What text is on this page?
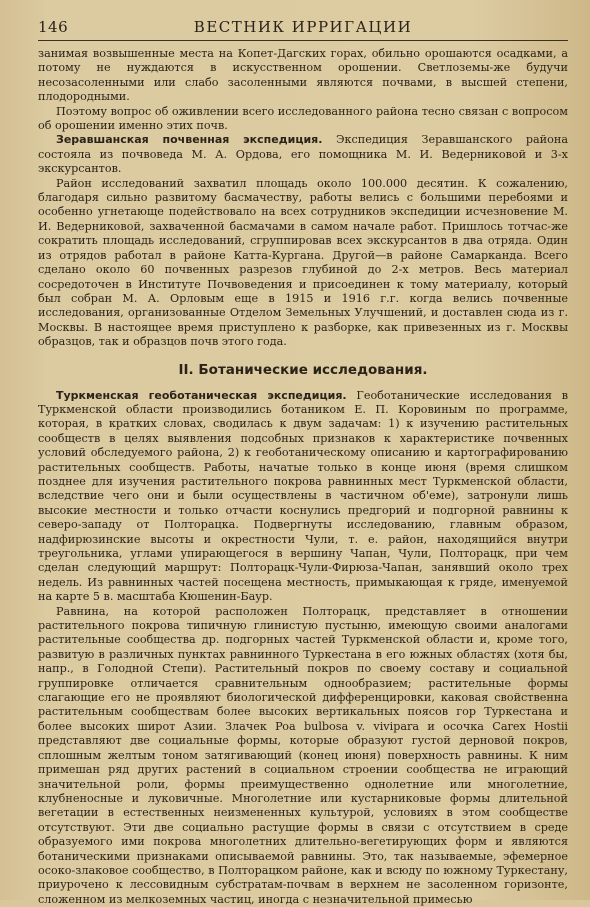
146	ВЕСТНИК ИРРИГАЦИИ

занимая возвышенные места на Копет-Дагских горах, обильно орошаются осадками, а потому не нуждаются в искусственном орошении. Светлоземы-же будучи несозасоленными или слабо засоленными являются почвами, в высшей степени, плодородными.

Поэтому вопрос об оживлении всего исследованного района тесно связан с вопросом об орошении именно этих почв.

Зеравшанская почвенная экспедиция. Экспедиция Зеравшанского района состояла из почвоведа М. А. Ордова, его помощника М. И. Ведерниковой и 3-х экскурсантов.

Район исследований захватил площадь около 100.000 десятин. К сожалению, благодаря сильно развитому басмачеству, работы велись с большими перебоями и особенно угнетающе подействовало на всех сотрудников экспедиции исчезновение М. И. Ведерниковой, захваченной басмачами в самом начале работ. Пришлось тотчас-же сократить площадь исследований, сгруппировав всех экскурсантов в два отряда. Один из отрядов работал в районе Катта-Кургана. Другой—в районе Самарканда. Всего сделано около 60 почвенных разрезов глубиной до 2-х метров. Весь материал сосредоточен в Институте Почвоведения и присоединен к тому материалу, который был собран М. А. Орловым еще в 1915 и 1916 г.г. когда велись почвенные исследования, организованные Отделом Земельных Улучшений, и доставлен сюда из г. Москвы. В настоящее время приступлено к разборке, как привезенных из г. Москвы образцов, так и образцов почв этого года.

II. Ботанические исследования.

Туркменская геоботаническая экспедиция. Геоботанические исследования в Туркменской области производились ботаником Е. П. Коровиным по программе, которая, в кратких словах, сводилась к двум задачам: 1) к изучению растительных сообществ в целях выявления подсобных признаков к характеристике почвенных условий обследуемого района, 2) к геоботаническому описанию и картографированию растительных сообществ. Работы, начатые только в конце июня (время слишком позднее для изучения растительного покрова равнинных мест Туркменской области, вследствие чего они и были осуществлены в частичном об'еме), затронули лишь высокие местности и только отчасти коснулись предгорий и подгорной равнины к северо-западу от Полторацка. Подвергнуты исследованию, главным образом, надфирюзинские высоты и окрестности Чули, т. е. район, находящийся внутри треугольника, углами упирающегося в вершину Чапан, Чули, Полторацк, при чем сделан следующий маршрут: Полторацк-Чули-Фирюза-Чапан, занявший около трех недель. Из равнинных частей посещена местность, примыкающая к гряде, именуемой на карте 5 в. масштаба Кюшенин-Баур.

Равнина, на которой расположен Полторацк, представляет в отношении растительного покрова типичную глинистую пустыню, имеющую своими аналогами растительные сообщества др. подгорных частей Туркменской области и, кроме того, развитую в различных пунктах равнинного Туркестана в его южных областях (хотя бы, напр., в Голодной Степи). Растительный покров по своему составу и социальной группировке отличается сравнительным однообразием; растительные формы слагающие его не проявляют биологической дифференцировки, каковая свойственна растительным сообществам более высоких вертикальных поясов гор Туркестана и более высоких широт Азии. Злачек Poa bulbosa v. vivipara и осочка Carex Hostii представляют две социальные формы, которые образуют густой дерновой покров, сплошным желтым тоном затягивающий (конец июня) поверхность равнины. К ним примешан ряд других растений в социальном строении сообщества не играющий значительной роли, формы преимущественно однолетние или многолетние, клубненосные и луковичные. Многолетние или кустарниковые формы длительной вегетации в естественных неизмененных культурой, условиях в этом сообществе отсутствуют. Эти две социально растущие формы в связи с отсутствием в среде образуемого ими покрова многолетних длительно-вегетирующих форм и являются ботаническими признаками описываемой равнины. Это, так называемые, эфемерное осоко-злаковое сообщество, в Полторацком районе, как и всюду по южному Туркестану, приурочено к лессовидным субстратам-почвам в верхнем не засоленном горизонте, сложенном из мелкоземных частиц, иногда с незначительной примесью
